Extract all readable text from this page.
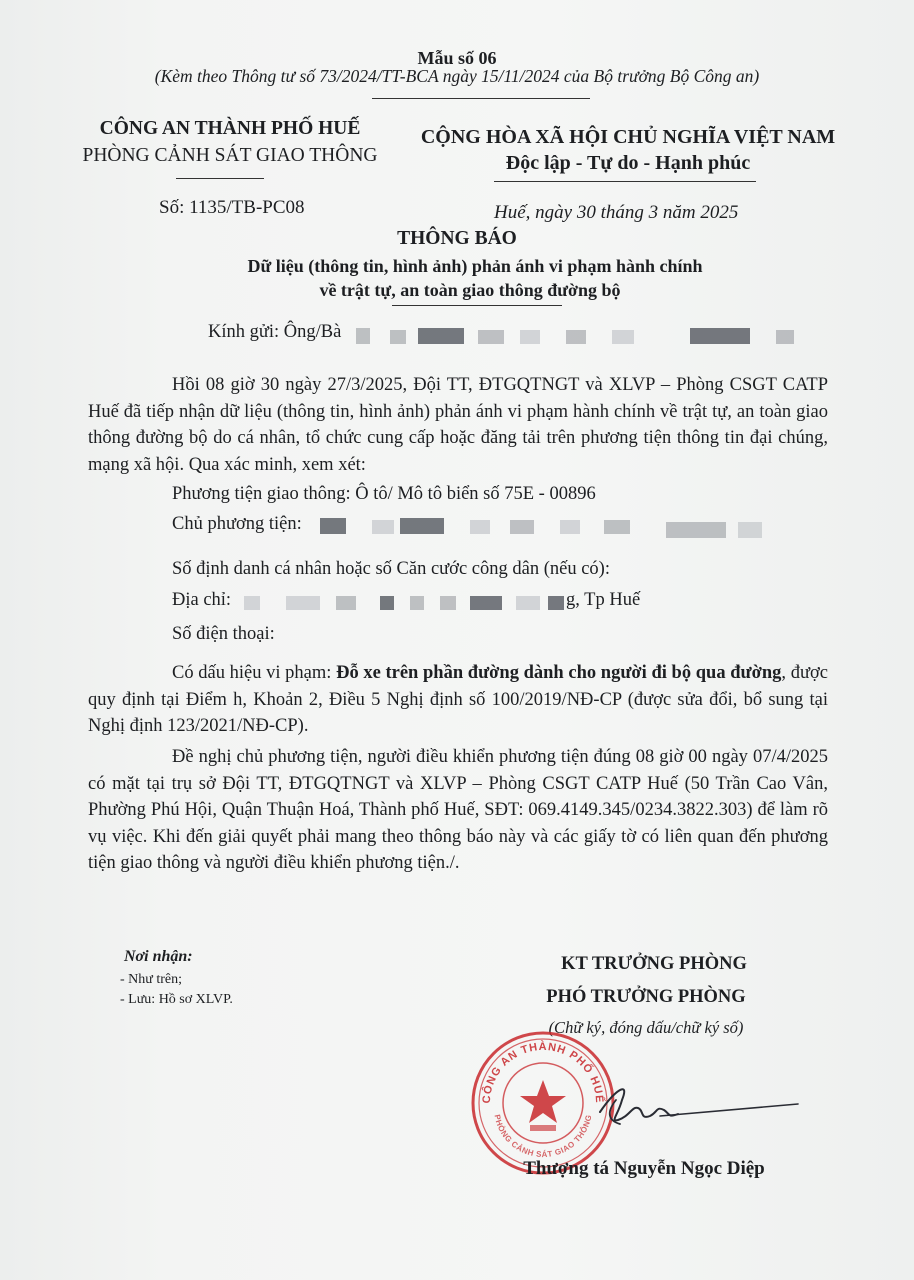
Mẫu số 06
(Kèm theo Thông tư số 73/2024/TT-BCA ngày 15/11/2024 của Bộ trưởng Bộ Công an)
CÔNG AN THÀNH PHỐ HUẾ
PHÒNG CẢNH SÁT GIAO THÔNG
CỘNG HÒA XÃ HỘI CHỦ NGHĨA VIỆT NAM
Độc lập - Tự do - Hạnh phúc
Số: 1135/TB-PC08	Huế, ngày 30 tháng 3 năm 2025
THÔNG BÁO
Dữ liệu (thông tin, hình ảnh) phản ánh vi phạm hành chính
về trật tự, an toàn giao thông đường bộ
Kính gửi: Ông/Bà
Hồi 08 giờ 30 ngày 27/3/2025, Đội TT, ĐTGQTNGT và XLVP – Phòng CSGT CATP Huế đã tiếp nhận dữ liệu (thông tin, hình ảnh) phản ánh vi phạm hành chính về trật tự, an toàn giao thông đường bộ do cá nhân, tổ chức cung cấp hoặc đăng tải trên phương tiện thông tin đại chúng, mạng xã hội. Qua xác minh, xem xét:
Phương tiện giao thông: Ô tô/ Mô tô biển số 75E - 00896
Chủ phương tiện:
Số định danh cá nhân hoặc số Căn cước công dân (nếu có):
Địa chỉ:	g, Tp Huế
Số điện thoại:
Có dấu hiệu vi phạm: Đỗ xe trên phần đường dành cho người đi bộ qua đường, được quy định tại Điểm h, Khoản 2, Điều 5 Nghị định số 100/2019/NĐ-CP (được sửa đổi, bổ sung tại Nghị định 123/2021/NĐ-CP).
Đề nghị chủ phương tiện, người điều khiển phương tiện đúng 08 giờ 00 ngày 07/4/2025 có mặt tại trụ sở Đội TT, ĐTGQTNGT và XLVP – Phòng CSGT CATP Huế (50 Trần Cao Vân, Phường Phú Hội, Quận Thuận Hoá, Thành phố Huế, SĐT: 069.4149.345/0234.3822.303) để làm rõ vụ việc. Khi đến giải quyết phải mang theo thông báo này và các giấy tờ có liên quan đến phương tiện giao thông và người điều khiển phương tiện./.
Nơi nhận:
- Như trên;
- Lưu: Hồ sơ XLVP.
KT TRƯỞNG PHÒNG
PHÓ TRƯỞNG PHÒNG
(Chữ ký, đóng dấu/chữ ký số)
CÔNG AN THÀNH PHỐ HUẾ
PHÒNG CẢNH SÁT GIAO THÔNG
Thượng tá Nguyễn Ngọc Diệp
